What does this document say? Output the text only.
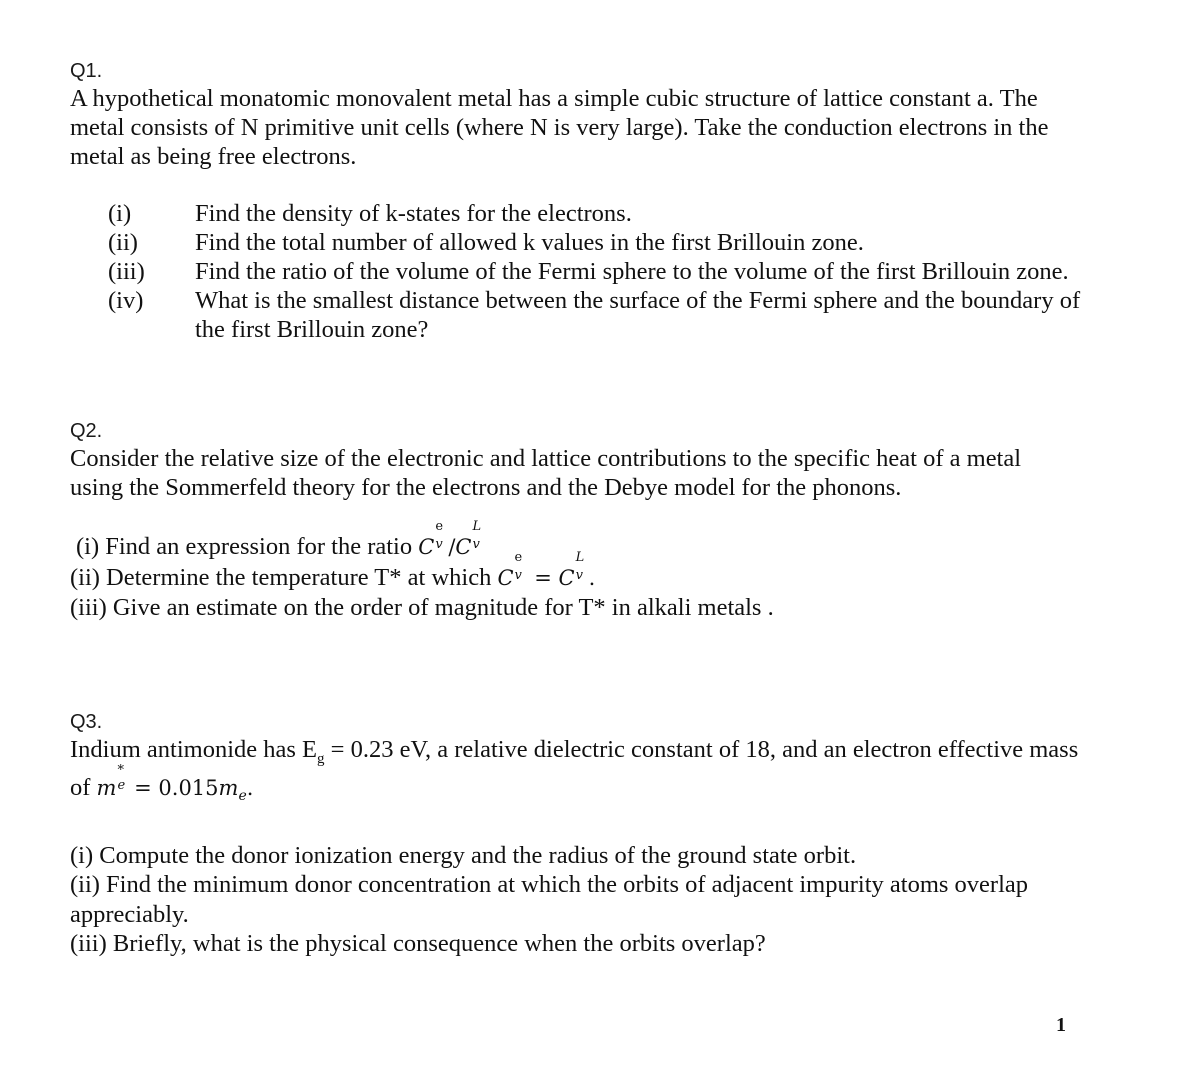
Q1.

A hypothetical monatomic monovalent metal has a simple cubic structure of lattice constant a. The metal consists of N primitive unit cells (where N is very large). Take the conduction electrons in the metal as being free electrons.

(i)	Find the density of k-states for the electrons.
(ii)	Find the total number of allowed k values in the first Brillouin zone.
(iii)	Find the ratio of the volume of the Fermi sphere to the volume of the first Brillouin zone.
(iv)	What is the smallest distance between the surface of the Fermi sphere and the boundary of the first Brillouin zone?

Q2.

Consider the relative size of the electronic and lattice contributions to the specific heat of a metal using the Sommerfeld theory for the electrons and the Debye model for the phonons.

(i) Find an expression for the ratio C
e
v /C
L
v

(ii) Determine the temperature T* at which C
e
v = C
L
v .

(iii) Give an estimate on the order of magnitude for T* in alkali metals .

Q3.

Indium antimonide has $E_g = 0.23$ eV, a relative dielectric constant of 18, and an electron effective mass of m
*
$e = 0.015m_e$.

(i) Compute the donor ionization energy and the radius of the ground state orbit.

(ii) Find the minimum donor concentration at which the orbits of adjacent impurity atoms overlap appreciably.

(iii) Briefly, what is the physical consequence when the orbits overlap?

1
